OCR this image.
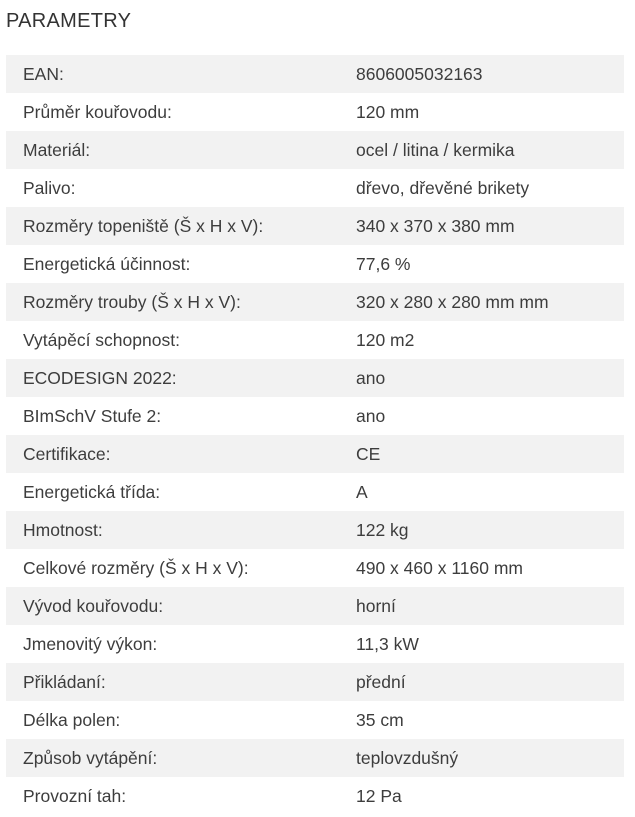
PARAMETRY
EAN:	8606005032163
Průměr kouřovodu:	120 mm
Materiál:	ocel / litina / kermika
Palivo:	dřevo, dřevěné brikety
Rozměry topeniště (Š x H x V):	340 x 370 x 380 mm
Energetická účinnost:	77,6 %
Rozměry trouby (Š x H x V):	320 x 280 x 280 mm mm
Vytápěcí schopnost:	120 m2
ECODESIGN 2022:	ano
BImSchV Stufe 2:	ano
Certifikace:	CE
Energetická třída:	A
Hmotnost:	122 kg
Celkové rozměry (Š x H x V):	490 x 460 x 1160 mm
Vývod kouřovodu:	horní
Jmenovitý výkon:	11,3 kW
Přikládaní:	přední
Délka polen:	35 cm
Způsob vytápění:	teplovzdušný
Provozní tah:	12 Pa
